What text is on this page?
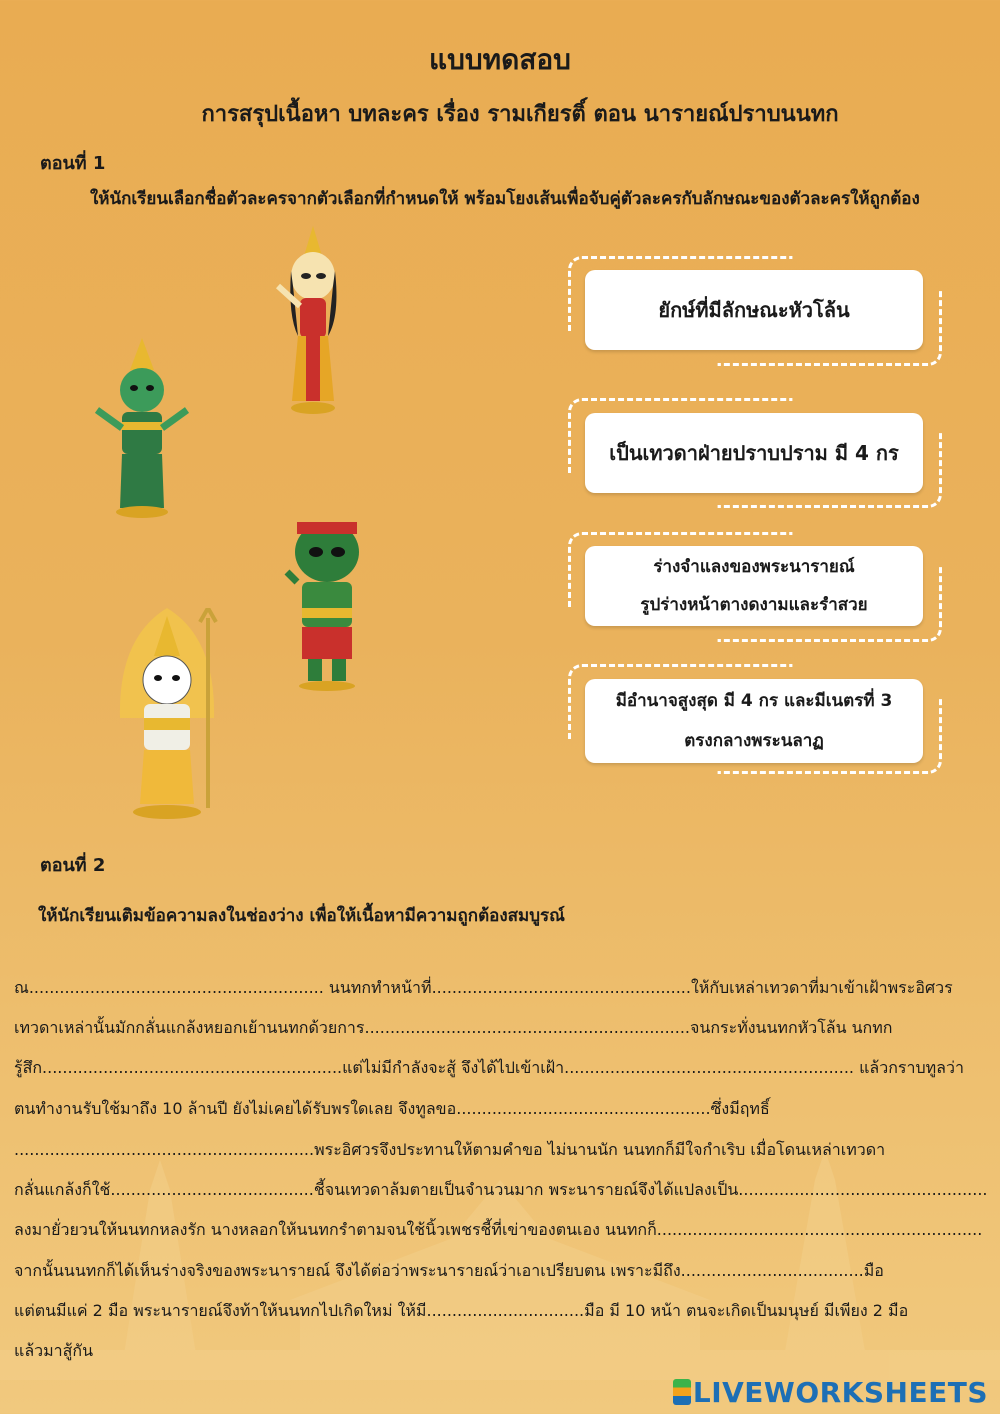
แบบทดสอบ
การสรุปเนื้อหา บทละคร เรื่อง รามเกียรติ์ ตอน นารายณ์ปราบนนทก
ตอนที่ 1
ให้นักเรียนเลือกชื่อตัวละครจากตัวเลือกที่กำหนดให้ พร้อมโยงเส้นเพื่อจับคู่ตัวละครกับลักษณะของตัวละครให้ถูกต้อง
ยักษ์ที่มีลักษณะหัวโล้น
เป็นเทวดาฝ่ายปราบปราม มี 4 กร
ร่างจำแลงของพระนารายณ์
รูปร่างหน้าตางดงามและรำสวย
มีอำนาจสูงสุด มี 4 กร และมีเนตรที่ 3
ตรงกลางพระนลาฏ
ตอนที่ 2
ให้นักเรียนเติมข้อความลงในช่องว่าง เพื่อให้เนื้อหามีความถูกต้องสมบูรณ์
ณ.......................................................... นนทกทำหน้าที่...................................................ให้กับเหล่าเทวดาที่มาเข้าเฝ้าพระอิศวร
เทวดาเหล่านั้นมักกลั่นแกล้งหยอกเย้านนทกด้วยการ................................................................จนกระทั่งนนทกหัวโล้น นกทก
รู้สึก...........................................................แต่ไม่มีกำลังจะสู้ จึงได้ไปเข้าเฝ้า......................................................... แล้วกราบทูลว่า
ตนทำงานรับใช้มาถึง 10 ล้านปี ยังไม่เคยได้รับพรใดเลย จึงทูลขอ..................................................ซึ่งมีฤทธิ์
...........................................................พระอิศวรจึงประทานให้ตามคำขอ ไม่นานนัก นนทกก็มีใจกำเริบ เมื่อโดนเหล่าเทวดา
กลั่นแกล้งก็ใช้........................................ชี้จนเทวดาล้มตายเป็นจำนวนมาก พระนารายณ์จึงได้แปลงเป็น.................................................
ลงมายั่วยวนให้นนทกหลงรัก นางหลอกให้นนทกรำตามจนใช้นิ้วเพชรชี้ที่เข่าของตนเอง นนทกก็................................................................
จากนั้นนนทกก็ได้เห็นร่างจริงของพระนารายณ์ จึงได้ต่อว่าพระนารายณ์ว่าเอาเปรียบตน เพราะมีถึง....................................มือ
แต่ตนมีแค่ 2 มือ พระนารายณ์จึงท้าให้นนทกไปเกิดใหม่ ให้มี...............................มือ มี 10 หน้า ตนจะเกิดเป็นมนุษย์ มีเพียง 2 มือ
แล้วมาสู้กัน
LIVEWORKSHEETS
